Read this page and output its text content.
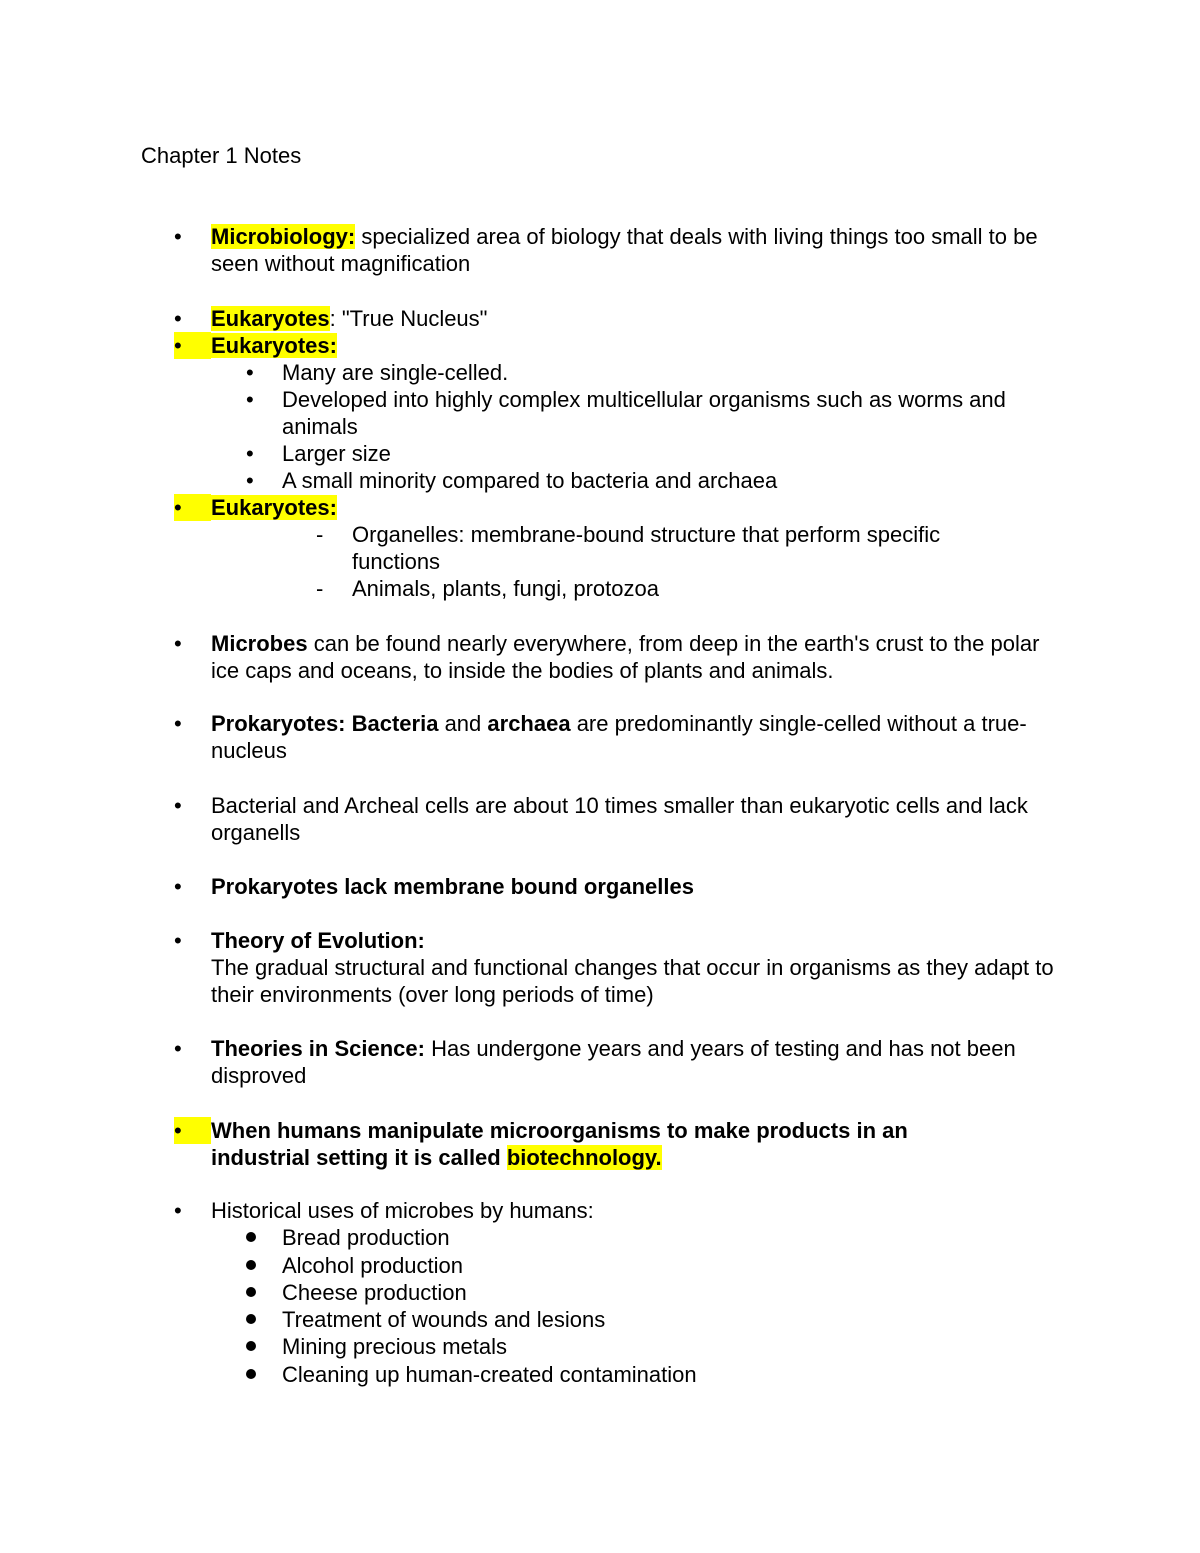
Chapter 1 Notes
• Microbiology: specialized area of biology that deals with living things too small to be seen without magnification
• Eukaryotes: "True Nucleus"
•	Eukaryotes:
• Many are single-celled.
• Developed into highly complex multicellular organisms such as worms and animals
• Larger size
• A small minority compared to bacteria and archaea
•	Eukaryotes:
- Organelles: membrane-bound structure that perform specific functions
- Animals, plants, fungi, protozoa
• Microbes can be found nearly everywhere, from deep in the earth's crust to the polar ice caps and oceans, to inside the bodies of plants and animals.
• Prokaryotes: Bacteria and archaea are predominantly single-celled without a true-nucleus
• Bacterial and Archeal cells are about 10 times smaller than eukaryotic cells and lack organells
• Prokaryotes lack membrane bound organelles
• Theory of Evolution:
The gradual structural and functional changes that occur in organisms as they adapt to their environments (over long periods of time)
• Theories in Science: Has undergone years and years of testing and has not been disproved
•	When humans manipulate microorganisms to make products in an industrial setting it is called biotechnology.
• Historical uses of microbes by humans:
Bread production
Alcohol production
Cheese production
Treatment of wounds and lesions
Mining precious metals
Cleaning up human-created contamination
